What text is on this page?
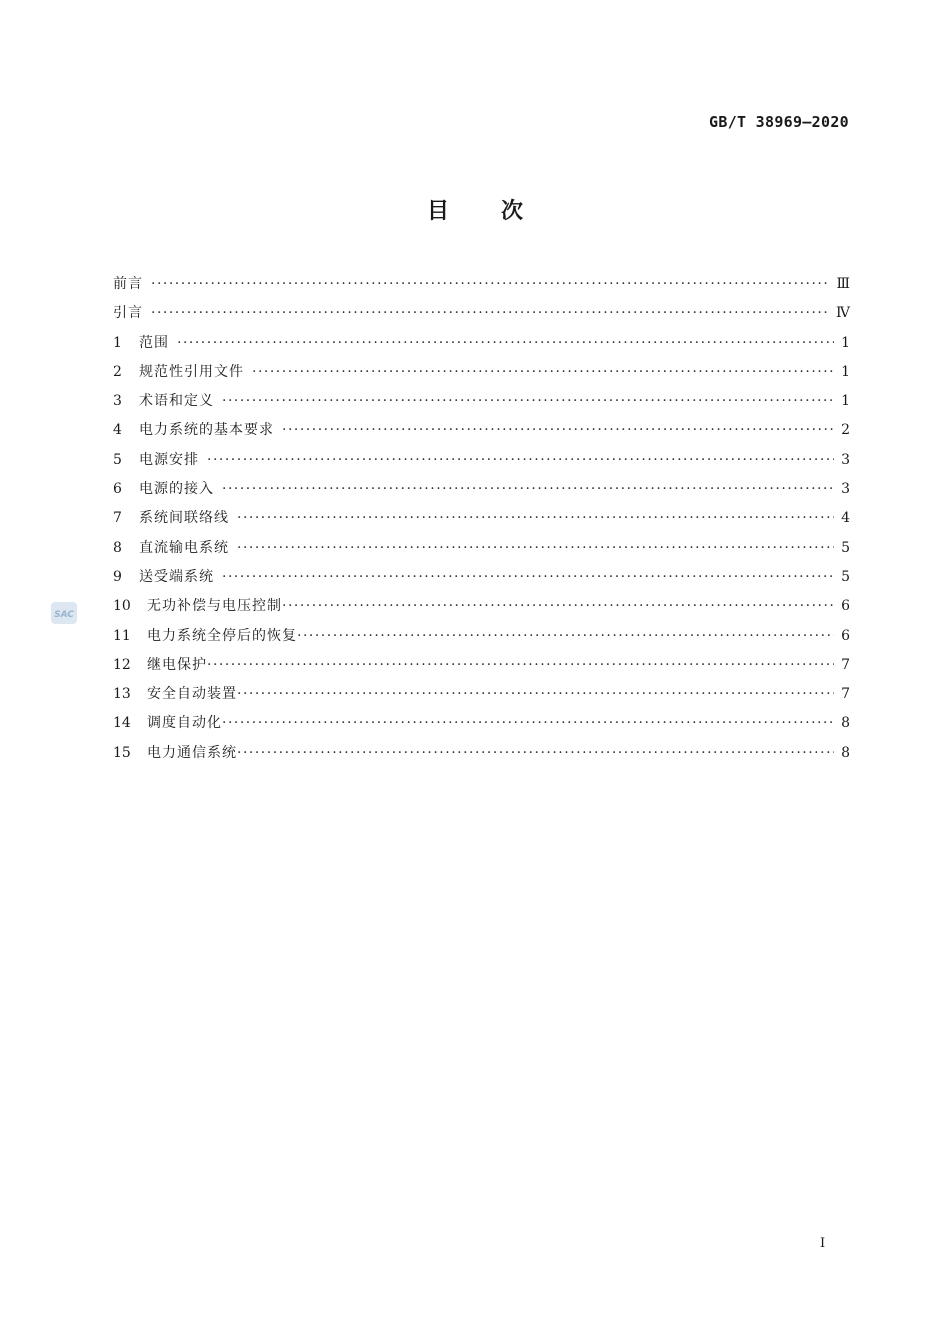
GB/T 38969—2020
目次
前言 ·····	Ⅲ
引言 ·····	Ⅳ
1	范围 ·····	1
2	规范性引用文件 ·····	1
3	术语和定义 ·····	1
4	电力系统的基本要求 ·····	2
5	电源安排 ·····	3
6	电源的接入 ·····	3
7	系统间联络线 ·····	4
8	直流输电系统 ·····	5
9	送受端系统 ·····	5
10	无功补偿与电压控制 ·····	6
11	电力系统全停后的恢复 ·····	6
12	继电保护 ·····	7
13	安全自动装置 ·····	7
14	调度自动化 ·····	8
15	电力通信系统 ·····	8
SAC
I
